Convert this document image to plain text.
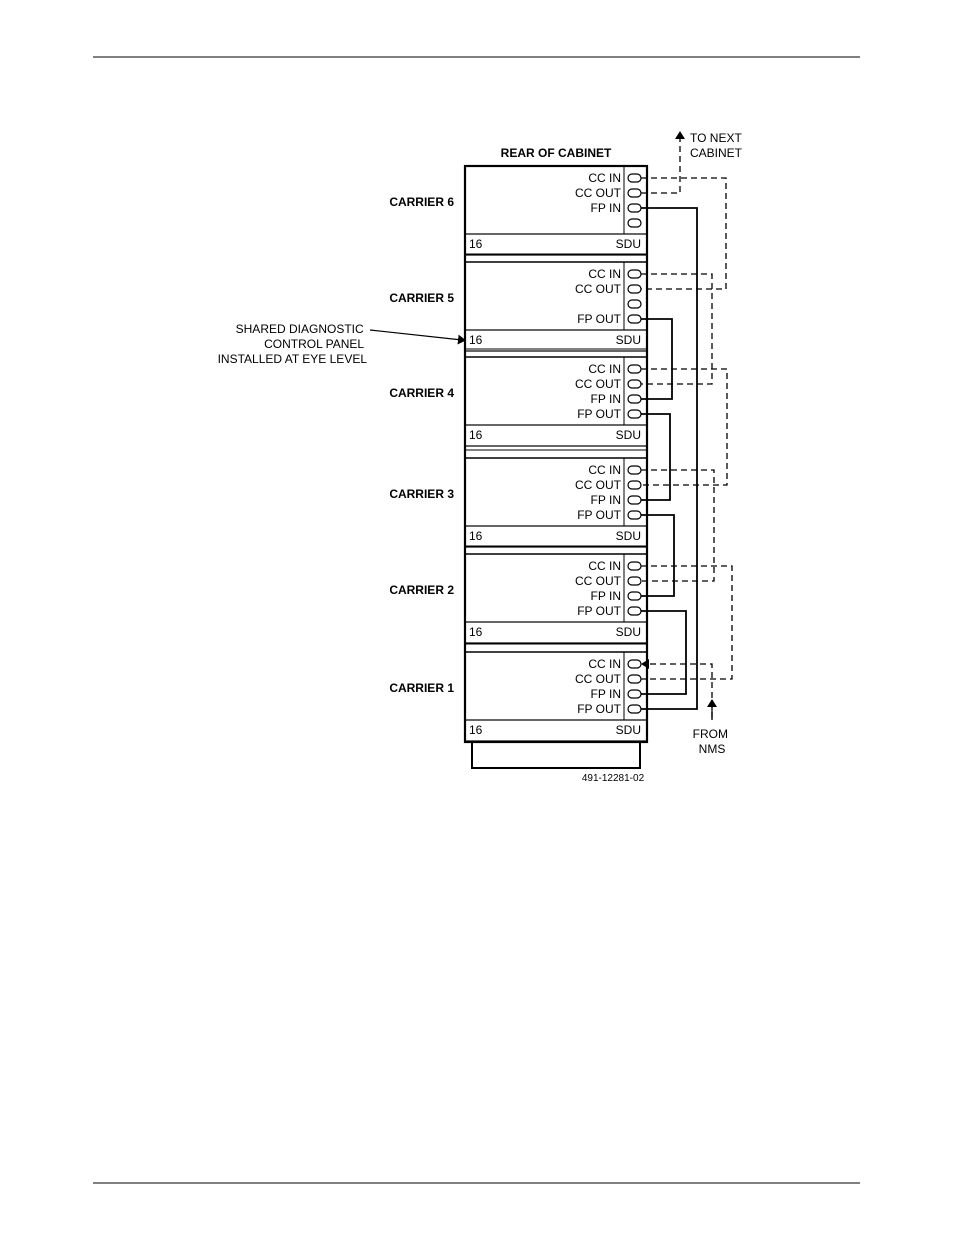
REAR OF CABINET
TO NEXT CABINET
FROM NMS
SHARED DIAGNOSTIC CONTROL PANEL INSTALLED AT EYE LEVEL
491-12281-02
16	SDU
CARRIER 6
CC IN
CC OUT
FP IN
16	SDU
CARRIER 5
CC IN
CC OUT
FP OUT
16	SDU
CARRIER 4
CC IN
CC OUT
FP IN
FP OUT
16	SDU
CARRIER 3
CC IN
CC OUT
FP IN
FP OUT
16	SDU
CARRIER 2
CC IN
CC OUT
FP IN
FP OUT
16	SDU
CARRIER 1
CC IN
CC OUT
FP IN
FP OUT
